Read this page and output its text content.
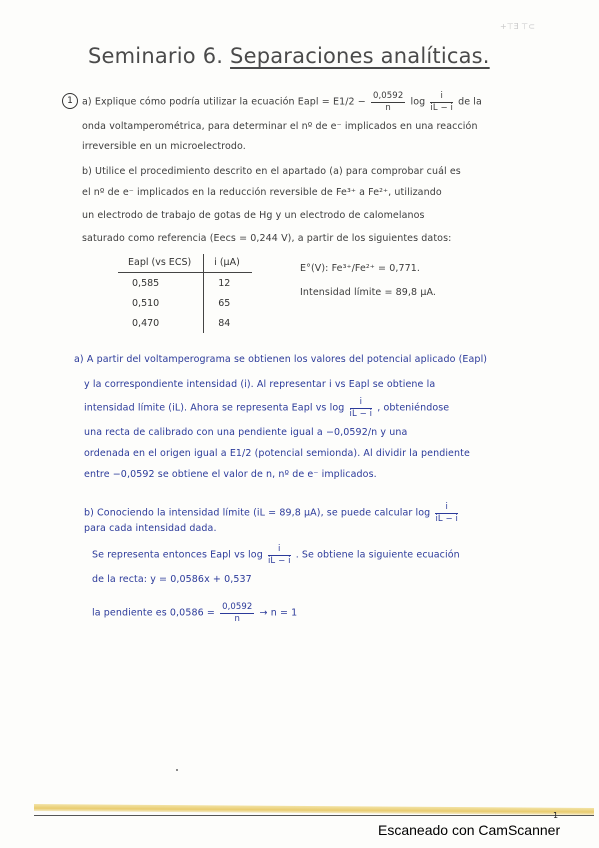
+⊤Ǝ ⊤⊂
Seminario 6. Separaciones analíticas.
1 a) Explique cómo podría utilizar la ecuación Eapl = $E1/2 - \frac{0,0592}{n}$ $\log \frac{i}{iL - i}$ de la
onda voltamperométrica, para determinar el nº de e⁻ implicados en una reacción
irreversible en un microelectrodo.
b) Utilice el procedimiento descrito en el apartado (a) para comprobar cuál es
el nº de e⁻ implicados en la reducción reversible de Fe³⁺ a Fe²⁺, utilizando
un electrodo de trabajo de gotas de Hg y un electrodo de calomelanos
saturado como referencia (Eecs = 0,244 V), a partir de los siguientes datos:
Eapl (vs ECS)	i (μA)
0,585	12
0,510	65
0,470	84
E°(V): Fe³⁺/Fe²⁺ = 0,771.
Intensidad límite = 89,8 μA.
a) A partir del voltamperograma se obtienen los valores del potencial aplicado (Eapl)
y la correspondiente intensidad (i). Al representar i vs Eapl se obtiene la
intensidad límite (iL). Ahora se representa Eapl vs $\log \frac{i}{iL - i}$ , obteniéndose
una recta de calibrado con una pendiente igual a −0,0592/n y una
ordenada en el origen igual a E1/2 (potencial semionda). Al dividir la pendiente
entre −0,0592 se obtiene el valor de n, nº de e⁻ implicados.
b) Conociendo la intensidad límite (iL = 89,8 μA), se puede calcular $\log \frac{i}{iL - i}$
para cada intensidad dada.
Se representa entonces Eapl vs $\log \frac{i}{iL - i}$ . Se obtiene la siguiente ecuación
de la recta: y = 0,0586x + 0,537
la pendiente es $0,0586 = \frac{0,0592}{n} \to n = 1$
1
Escaneado con CamScanner
